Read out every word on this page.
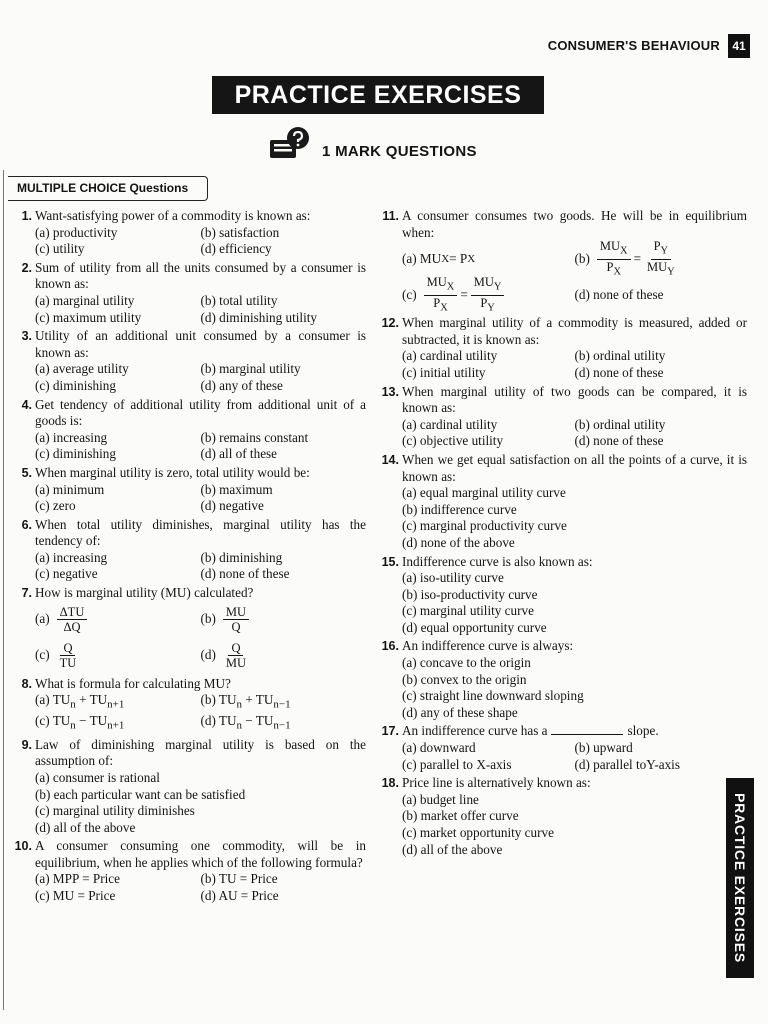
CONSUMER'S BEHAVIOUR	41
PRACTICE EXERCISES
1 MARK QUESTIONS
MULTIPLE CHOICE Questions
1. Want-satisfying power of a commodity is known as:
(a) productivity	(b) satisfaction
(c) utility	(d) efficiency
2. Sum of utility from all the units consumed by a consumer is known as:
(a) marginal utility	(b) total utility
(c) maximum utility	(d) diminishing utility
3. Utility of an additional unit consumed by a consumer is known as:
(a) average utility	(b) marginal utility
(c) diminishing	(d) any of these
4. Get tendency of additional utility from additional unit of a goods is:
(a) increasing	(b) remains constant
(c) diminishing	(d) all of these
5. When marginal utility is zero, total utility would be:
(a) minimum	(b) maximum
(c) zero	(d) negative
6. When total utility diminishes, marginal utility has the tendency of:
(a) increasing	(b) diminishing
(c) negative	(d) none of these
7. How is marginal utility (MU) calculated?
$(a) \frac{\text{ΔTU}}{\Delta Q}$	$(b) \frac{MU}{Q}$
$(c) \frac{Q}{TU}$	$(d) \frac{Q}{MU}$
8. What is formula for calculating MU?
(a) $TU_n + TU_{n+1}$	(b) $TU_n + TU_{n-1}$
(c) $TU_n - TU_{n+1}$	(d) $TU_n - TU_{n-1}$
9. Law of diminishing marginal utility is based on the assumption of:
(a) consumer is rational
(b) each particular want can be satisfied
(c) marginal utility diminishes
(d) all of the above
10. A consumer consuming one commodity, will be in equilibrium, when he applies which of the following formula?
(a) MPP = Price	(b) TU = Price
(c) MU = Price	(d) AU = Price
11. A consumer consumes two goods. He will be in equilibrium when:
(a) MU X = P X	$(b) \frac{MU_X}{P_X} = \frac{P_Y}{MU_Y}$
$(c) \frac{MU_X}{P_X} = \frac{MU_Y}{P_Y}$	(d) none of these
12. When marginal utility of a commodity is measured, added or subtracted, it is known as:
(a) cardinal utility	(b) ordinal utility
(c) initial utility	(d) none of these
13. When marginal utility of two goods can be compared, it is known as:
(a) cardinal utility	(b) ordinal utility
(c) objective utility	(d) none of these
14. When we get equal satisfaction on all the points of a curve, it is known as:
(a) equal marginal utility curve
(b) indifference curve
(c) marginal productivity curve
(d) none of the above
15. Indifference curve is also known as:
(a) iso-utility curve
(b) iso-productivity curve
(c) marginal utility curve
(d) equal opportunity curve
16. An indifference curve is always:
(a) concave to the origin
(b) convex to the origin
(c) straight line downward sloping
(d) any of these shape
17. An indifference curve has a	slope.
(a) downward	(b) upward
(c) parallel to X-axis	(d) parallel toY-axis
18. Price line is alternatively known as:
(a) budget line
(b) market offer curve
(c) market opportunity curve
(d) all of the above	PRACTICE EXERCISES
